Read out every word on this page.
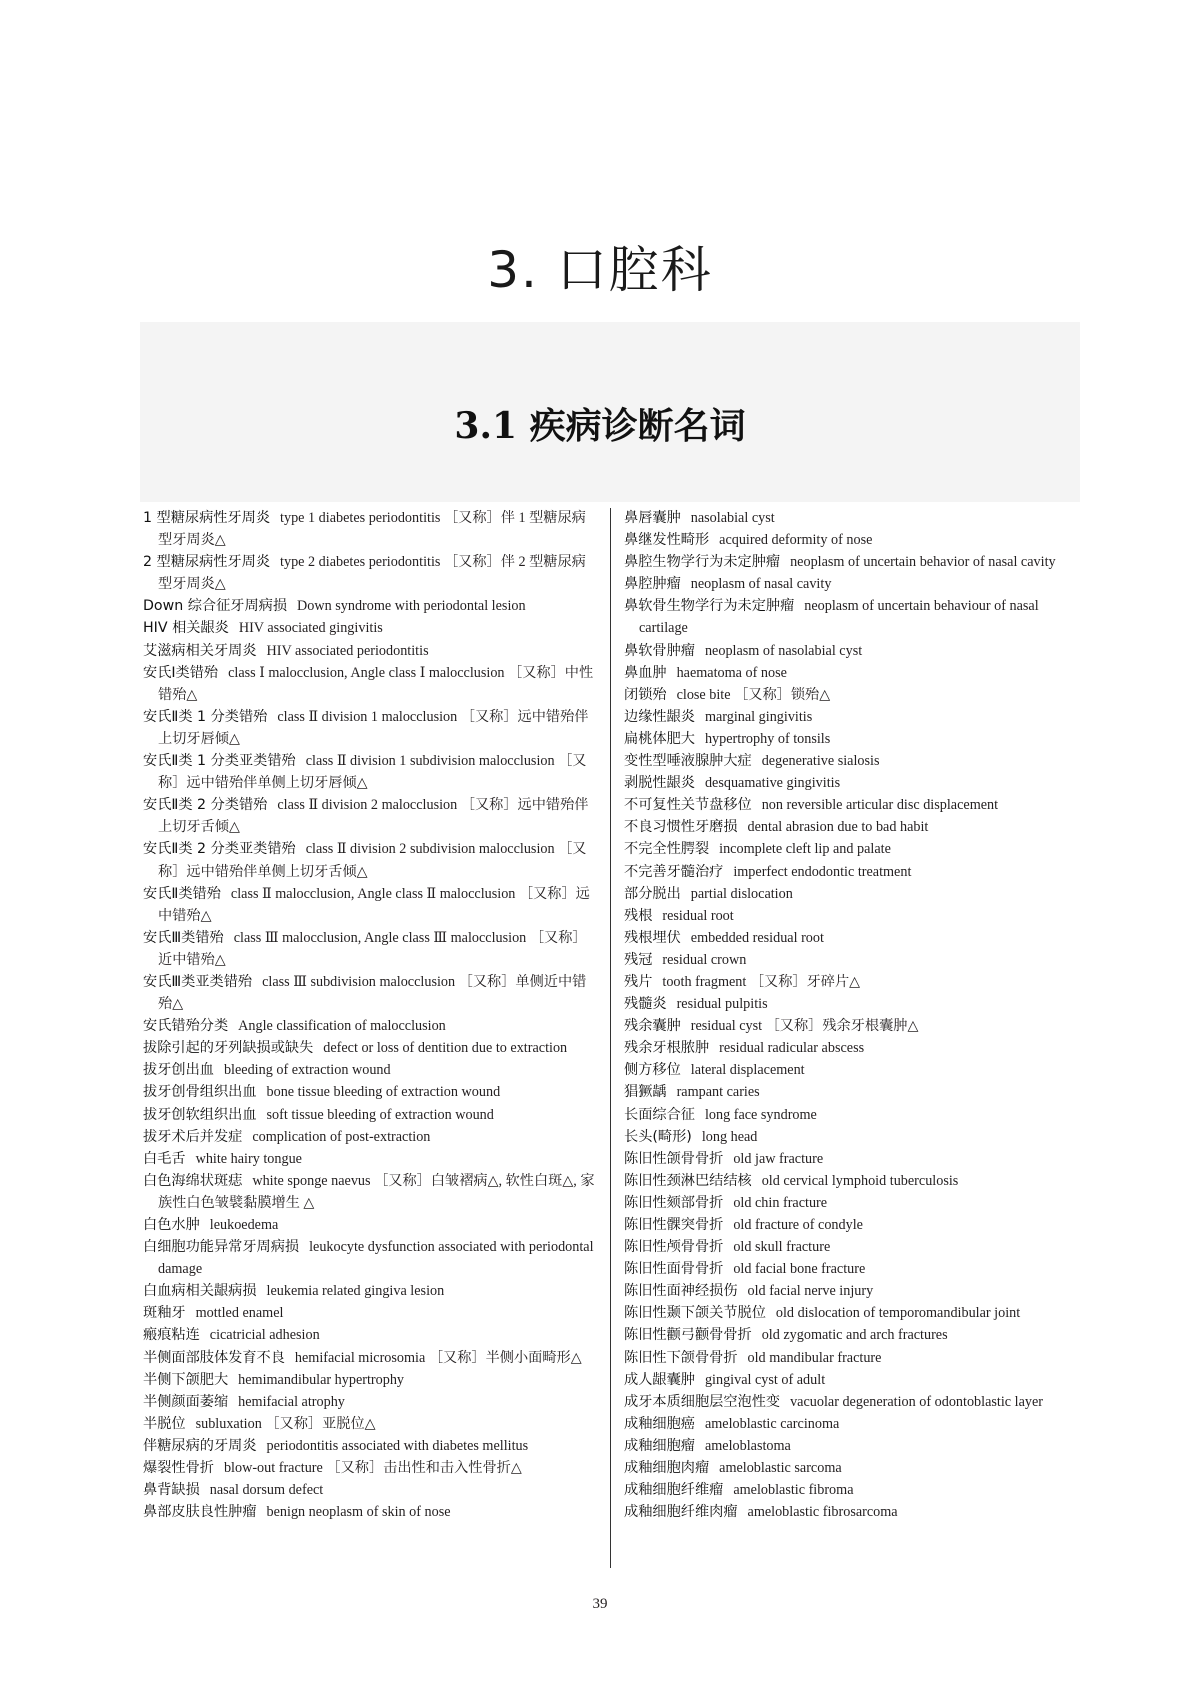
3. 口腔科
3.1 疾病诊断名词
1 型糖尿病性牙周炎 type 1 diabetes periodontitis ［又称］伴 1 型糖尿病型牙周炎△
2 型糖尿病性牙周炎 type 2 diabetes periodontitis ［又称］伴 2 型糖尿病型牙周炎△
Down 综合征牙周病损 Down syndrome with periodontal lesion
HIV 相关龈炎 HIV associated gingivitis
艾滋病相关牙周炎 HIV associated periodontitis
安氏Ⅰ类错殆 class Ⅰ malocclusion, Angle class Ⅰ malocclusion ［又称］中性错殆△
安氏Ⅱ类 1 分类错殆 class Ⅱ division 1 malocclusion ［又称］远中错殆伴上切牙唇倾△
安氏Ⅱ类 1 分类亚类错殆 class Ⅱ division 1 subdivision malocclusion ［又称］远中错殆伴单侧上切牙唇倾△
安氏Ⅱ类 2 分类错殆 class Ⅱ division 2 malocclusion ［又称］远中错殆伴上切牙舌倾△
安氏Ⅱ类 2 分类亚类错殆 class Ⅱ division 2 subdivision malocclusion ［又称］远中错殆伴单侧上切牙舌倾△
安氏Ⅱ类错殆 class Ⅱ malocclusion, Angle class Ⅱ malocclusion ［又称］远中错殆△
安氏Ⅲ类错殆 class Ⅲ malocclusion, Angle class Ⅲ malocclusion ［又称］近中错殆△
安氏Ⅲ类亚类错殆 class Ⅲ subdivision malocclusion ［又称］单侧近中错殆△
安氏错殆分类 Angle classification of malocclusion
拔除引起的牙列缺损或缺失 defect or loss of dentition due to extraction
拔牙创出血 bleeding of extraction wound
拔牙创骨组织出血 bone tissue bleeding of extraction wound
拔牙创软组织出血 soft tissue bleeding of extraction wound
拔牙术后并发症 complication of post-extraction
白毛舌 white hairy tongue
白色海绵状斑痣 white sponge naevus ［又称］白皱褶病△, 软性白斑△, 家族性白色皱襞黏膜增生 △
白色水肿 leukoedema
白细胞功能异常牙周病损 leukocyte dysfunction associated with periodontal damage
白血病相关龈病损 leukemia related gingiva lesion
斑釉牙 mottled enamel
瘢痕粘连 cicatricial adhesion
半侧面部肢体发育不良 hemifacial microsomia ［又称］半侧小面畸形△
半侧下颌肥大 hemimandibular hypertrophy
半侧颜面萎缩 hemifacial atrophy
半脱位 subluxation ［又称］亚脱位△
伴糖尿病的牙周炎 periodontitis associated with diabetes mellitus
爆裂性骨折 blow-out fracture ［又称］击出性和击入性骨折△
鼻背缺损 nasal dorsum defect
鼻部皮肤良性肿瘤 benign neoplasm of skin of nose
鼻唇囊肿 nasolabial cyst
鼻继发性畸形 acquired deformity of nose
鼻腔生物学行为未定肿瘤 neoplasm of uncertain behavior of nasal cavity
鼻腔肿瘤 neoplasm of nasal cavity
鼻软骨生物学行为未定肿瘤 neoplasm of uncertain behaviour of nasal cartilage
鼻软骨肿瘤 neoplasm of nasolabial cyst
鼻血肿 haematoma of nose
闭锁殆 close bite ［又称］锁殆△
边缘性龈炎 marginal gingivitis
扁桃体肥大 hypertrophy of tonsils
变性型唾液腺肿大症 degenerative sialosis
剥脱性龈炎 desquamative gingivitis
不可复性关节盘移位 non reversible articular disc displacement
不良习惯性牙磨损 dental abrasion due to bad habit
不完全性腭裂 incomplete cleft lip and palate
不完善牙髓治疗 imperfect endodontic treatment
部分脱出 partial dislocation
残根 residual root
残根埋伏 embedded residual root
残冠 residual crown
残片 tooth fragment ［又称］牙碎片△
残髓炎 residual pulpitis
残余囊肿 residual cyst ［又称］残余牙根囊肿△
残余牙根脓肿 residual radicular abscess
侧方移位 lateral displacement
猖獗龋 rampant caries
长面综合征 long face syndrome
长头(畸形) long head
陈旧性颌骨骨折 old jaw fracture
陈旧性颈淋巴结结核 old cervical lymphoid tuberculosis
陈旧性颏部骨折 old chin fracture
陈旧性髁突骨折 old fracture of condyle
陈旧性颅骨骨折 old skull fracture
陈旧性面骨骨折 old facial bone fracture
陈旧性面神经损伤 old facial nerve injury
陈旧性颞下颌关节脱位 old dislocation of temporomandibular joint
陈旧性颧弓颧骨骨折 old zygomatic and arch fractures
陈旧性下颌骨骨折 old mandibular fracture
成人龈囊肿 gingival cyst of adult
成牙本质细胞层空泡性变 vacuolar degeneration of odontoblastic layer
成釉细胞癌 ameloblastic carcinoma
成釉细胞瘤 ameloblastoma
成釉细胞肉瘤 ameloblastic sarcoma
成釉细胞纤维瘤 ameloblastic fibroma
成釉细胞纤维肉瘤 ameloblastic fibrosarcoma
39
